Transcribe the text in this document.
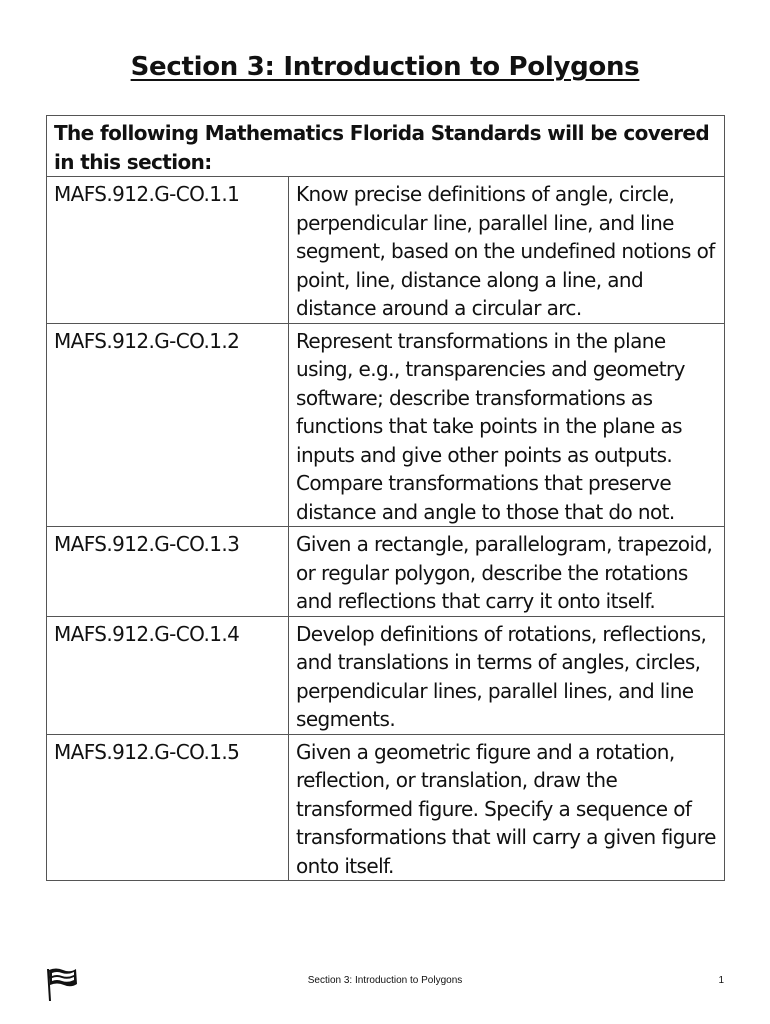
Section 3: Introduction to Polygons
The following Mathematics Florida Standards will be covered in this section:	
MAFS.912.G-CO.1.1	Know precise definitions of angle, circle, perpendicular line, parallel line, and line segment, based on the undefined notions of point, line, distance along a line, and distance around a circular arc.
MAFS.912.G-CO.1.2	Represent transformations in the plane using, e.g., transparencies and geometry software; describe transformations as functions that take points in the plane as inputs and give other points as outputs. Compare transformations that preserve distance and angle to those that do not.
MAFS.912.G-CO.1.3	Given a rectangle, parallelogram, trapezoid, or regular polygon, describe the rotations and reflections that carry it onto itself.
MAFS.912.G-CO.1.4	Develop definitions of rotations, reflections, and translations in terms of angles, circles, perpendicular lines, parallel lines, and line segments.
MAFS.912.G-CO.1.5	Given a geometric figure and a rotation, reflection, or translation, draw the transformed figure. Specify a sequence of transformations that will carry a given figure onto itself.
Section 3: Introduction to Polygons	1
